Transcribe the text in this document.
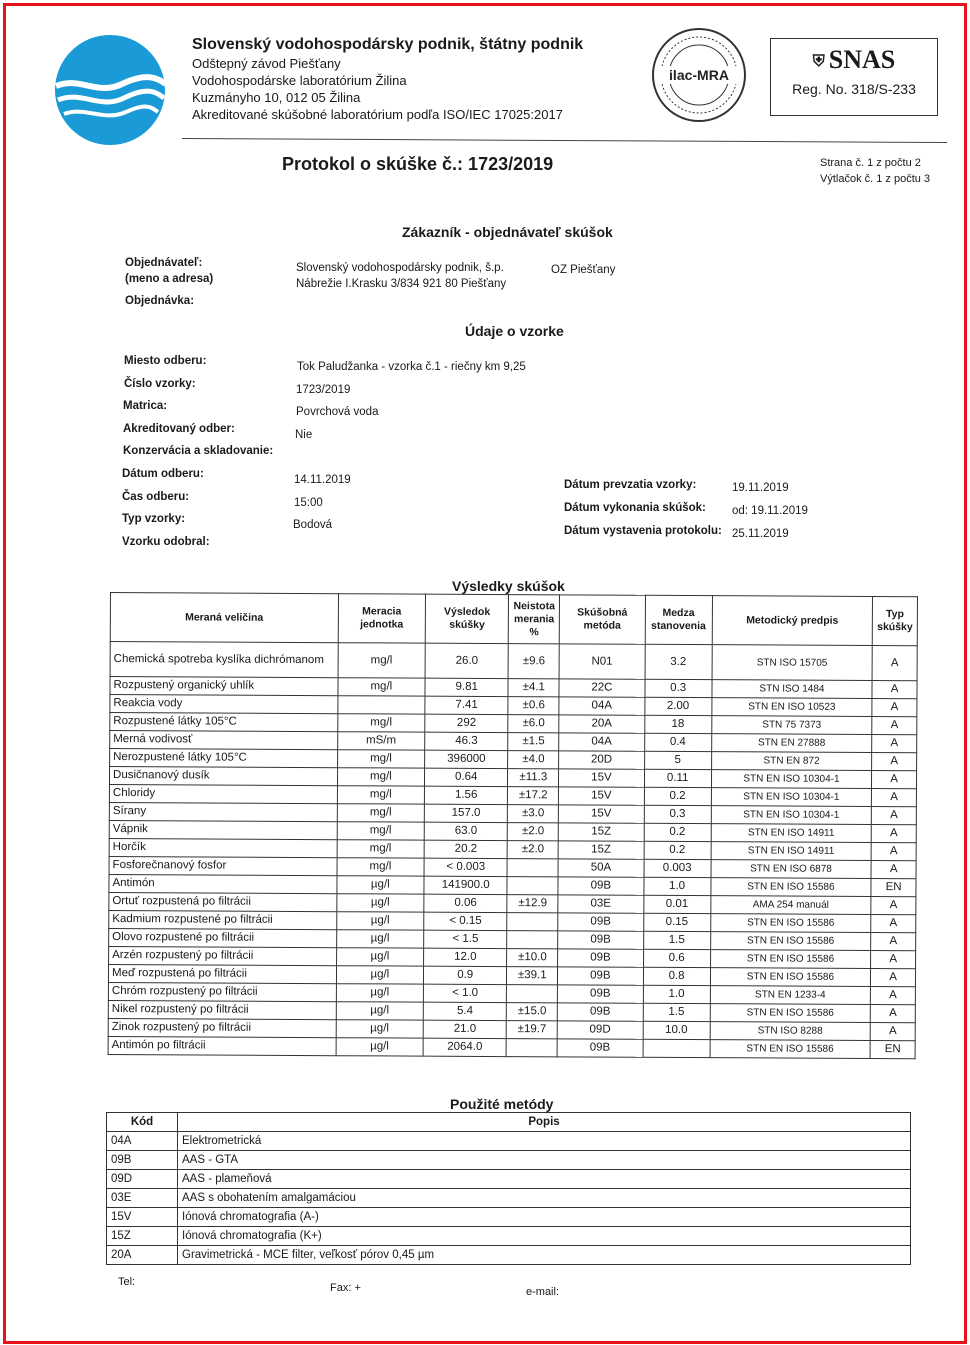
Slovenský vodohospodársky podnik, štátny podnik
Odštepný závod Piešťany
Vodohospodárske laboratórium Žilina
Kuzmányho 10, 012 05 Žilina
Akreditované skúšobné laboratórium podľa ISO/IEC 17025:2017
ilac-MRA
⛨ SNAS
Reg. No. 318/S-233
Protokol o skúške č.: 1723/2019	Strana č. 1 z počtu 2
Výtlačok č. 1 z počtu 3
Zákazník - objednávateľ skúšok
Objednávateľ:
(meno a adresa)
Objednávka:
Slovenský vodohospodársky podnik, š.p.
Nábrežie I.Krasku 3/834 921 80 Piešťany
OZ Piešťany
Údaje o vzorke
Miesto odberu:	Tok Paludžanka - vzorka č.1 - riečny km 9,25
Číslo vzorky:	1723/2019
Matrica:	Povrchová voda
Akreditovaný odber:	Nie
Konzervácia a skladovanie:
Dátum odberu:	14.11.2019
Čas odberu:	15:00
Typ vzorky:	Bodová
Vzorku odobral:
Dátum prevzatia vzorky:	19.11.2019
Dátum vykonania skúšok: od: 19.11.2019
Dátum vystavenia protokolu: 25.11.2019
Výsledky skúšok
Meraná veličina	Meracia jednotka	Výsledok skúšky	Neistota merania %	Skúšobná metóda	Medza stanovenia	Metodický predpis	Typ skúšky
Chemická spotreba kyslíka dichrómanom	mg/l	26.0	±9.6	N01	3.2	STN ISO 15705	A
Rozpustený organický uhlík	mg/l	9.81	±4.1	22C	0.3	STN ISO 1484	A
Reakcia vody		7.41	±0.6	04A	2.00	STN EN ISO 10523	A
Rozpustené látky 105°C	mg/l	292	±6.0	20A	18	STN 75 7373	A
Merná vodivosť	mS/m	46.3	±1.5	04A	0.4	STN EN 27888	A
Nerozpustené látky 105°C	mg/l	396000	±4.0	20D	5	STN EN 872	A
Dusičnanový dusík	mg/l	0.64	±11.3	15V	0.11	STN EN ISO 10304-1	A
Chloridy	mg/l	1.56	±17.2	15V	0.2	STN EN ISO 10304-1	A
Sírany	mg/l	157.0	±3.0	15V	0.3	STN EN ISO 10304-1	A
Vápnik	mg/l	63.0	±2.0	15Z	0.2	STN EN ISO 14911	A
Horčík	mg/l	20.2	±2.0	15Z	0.2	STN EN ISO 14911	A
Fosforečnanový fosfor	mg/l	< 0.003		50A	0.003	STN EN ISO 6878	A
Antimón	µg/l	141900.0		09B	1.0	STN EN ISO 15586	EN
Ortuť rozpustená po filtrácii	µg/l	0.06	±12.9	03E	0.01	AMA 254 manuál	A
Kadmium rozpustené po filtrácii	µg/l	< 0.15		09B	0.15	STN EN ISO 15586	A
Olovo rozpustené po filtrácii	µg/l	< 1.5		09B	1.5	STN EN ISO 15586	A
Arzén rozpustený po filtrácii	µg/l	12.0	±10.0	09B	0.6	STN EN ISO 15586	A
Meď rozpustená po filtrácii	µg/l	0.9	±39.1	09B	0.8	STN EN ISO 15586	A
Chróm rozpustený po filtrácii	µg/l	< 1.0		09B	1.0	STN EN 1233-4	A
Nikel rozpustený po filtrácii	µg/l	5.4	±15.0	09B	1.5	STN EN ISO 15586	A
Zinok rozpustený po filtrácii	µg/l	21.0	±19.7	09D	10.0	STN ISO 8288	A
Antimón po filtrácii	µg/l	2064.0		09B		STN EN ISO 15586	EN
Použité metódy
Kód	Popis
04A	Elektrometrická
09B	AAS - GTA
09D	AAS - plameňová
03E	AAS s obohatením amalgamáciou
15V	Iónová chromatografia (A-)
15Z	Iónová chromatografia (K+)
20A	Gravimetrická - MCE filter, veľkosť pórov 0,45 µm
Tel:	Fax: +	e-mail:
